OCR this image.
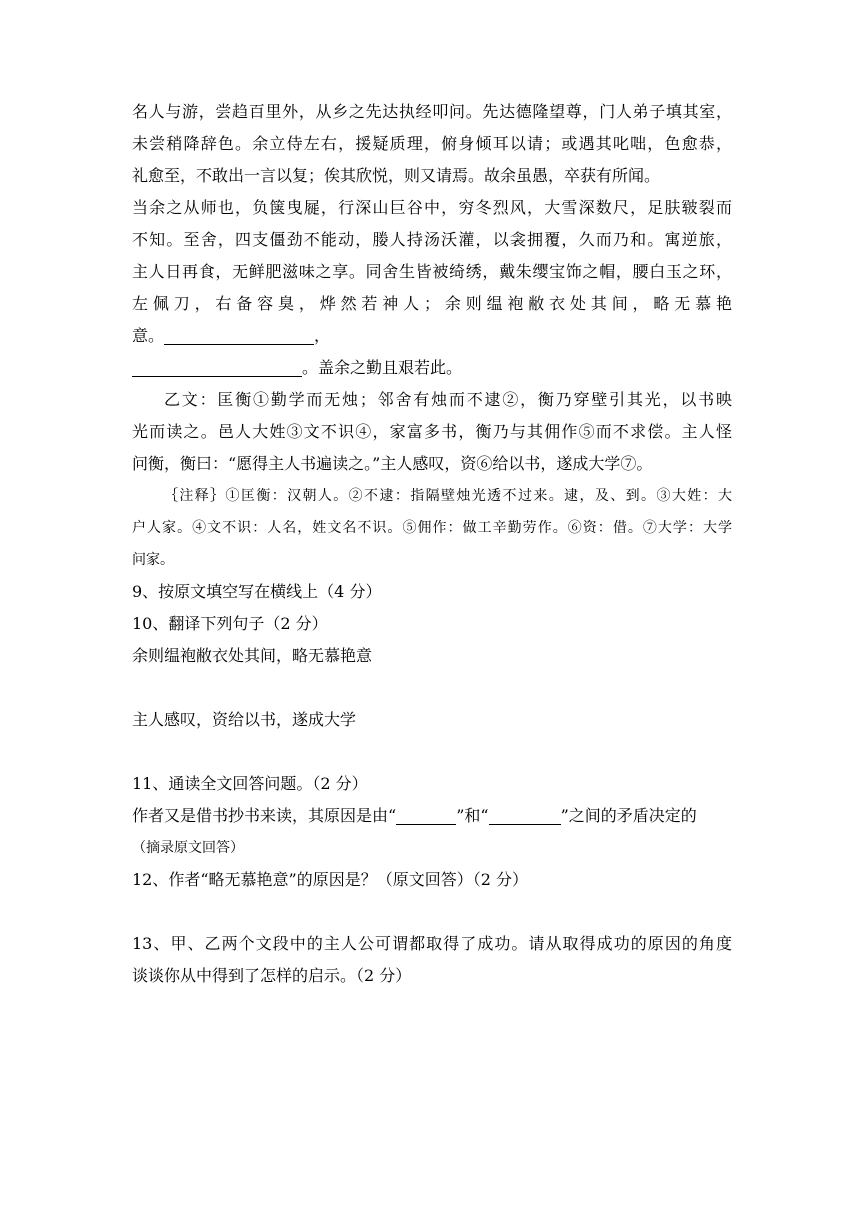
名人与游，尝趋百里外，从乡之先达执经叩问。先达德隆望尊，门人弟子填其室，
未尝稍降辞色。余立侍左右，援疑质理，俯身倾耳以请；或遇其叱咄，色愈恭，
礼愈至，不敢出一言以复；俟其欣悦，则又请焉。故余虽愚，卒获有所闻。
当余之从师也，负箧曳屣，行深山巨谷中，穷冬烈风，大雪深数尺，足肤皲裂而
不知。至舍，四支僵劲不能动，媵人持汤沃灌，以衾拥覆，久而乃和。寓逆旅，
主人日再食，无鲜肥滋味之享。同舍生皆被绮绣，戴朱缨宝饰之帽，腰白玉之环，
左佩刀，右备容臭，烨然若神人；余则缊袍敝衣处其间，略无慕艳
意。	，
。盖余之勤且艰若此。
乙文：匡衡①勤学而无烛；邻舍有烛而不逮②，衡乃穿壁引其光，以书映
光而读之。邑人大姓③文不识④，家富多书，衡乃与其佣作⑤而不求偿。主人怪
问衡，衡曰：“愿得主人书遍读之。”主人感叹，资⑥给以书，遂成大学⑦。
｛注释｝①匡衡：汉朝人。②不逮：指隔壁烛光透不过来。逮，及、到。③大姓：大
户人家。④文不识：人名，姓文名不识。⑤佣作：做工辛勤劳作。⑥资：借。⑦大学：大学
问家。
9、按原文填空写在横线上（4 分）
10、翻译下列句子（2 分）
余则缊袍敝衣处其间，略无慕艳意
主人感叹，资给以书，遂成大学
11、通读全文回答问题。（2 分）
作者又是借书抄书来读，其原因是由“	”和“	”之间的矛盾决定的
（摘录原文回答）
12、作者“略无慕艳意”的原因是？（原文回答）（2 分）
13、甲、乙两个文段中的主人公可谓都取得了成功。请从取得成功的原因的角度
谈谈你从中得到了怎样的启示。（2 分）
